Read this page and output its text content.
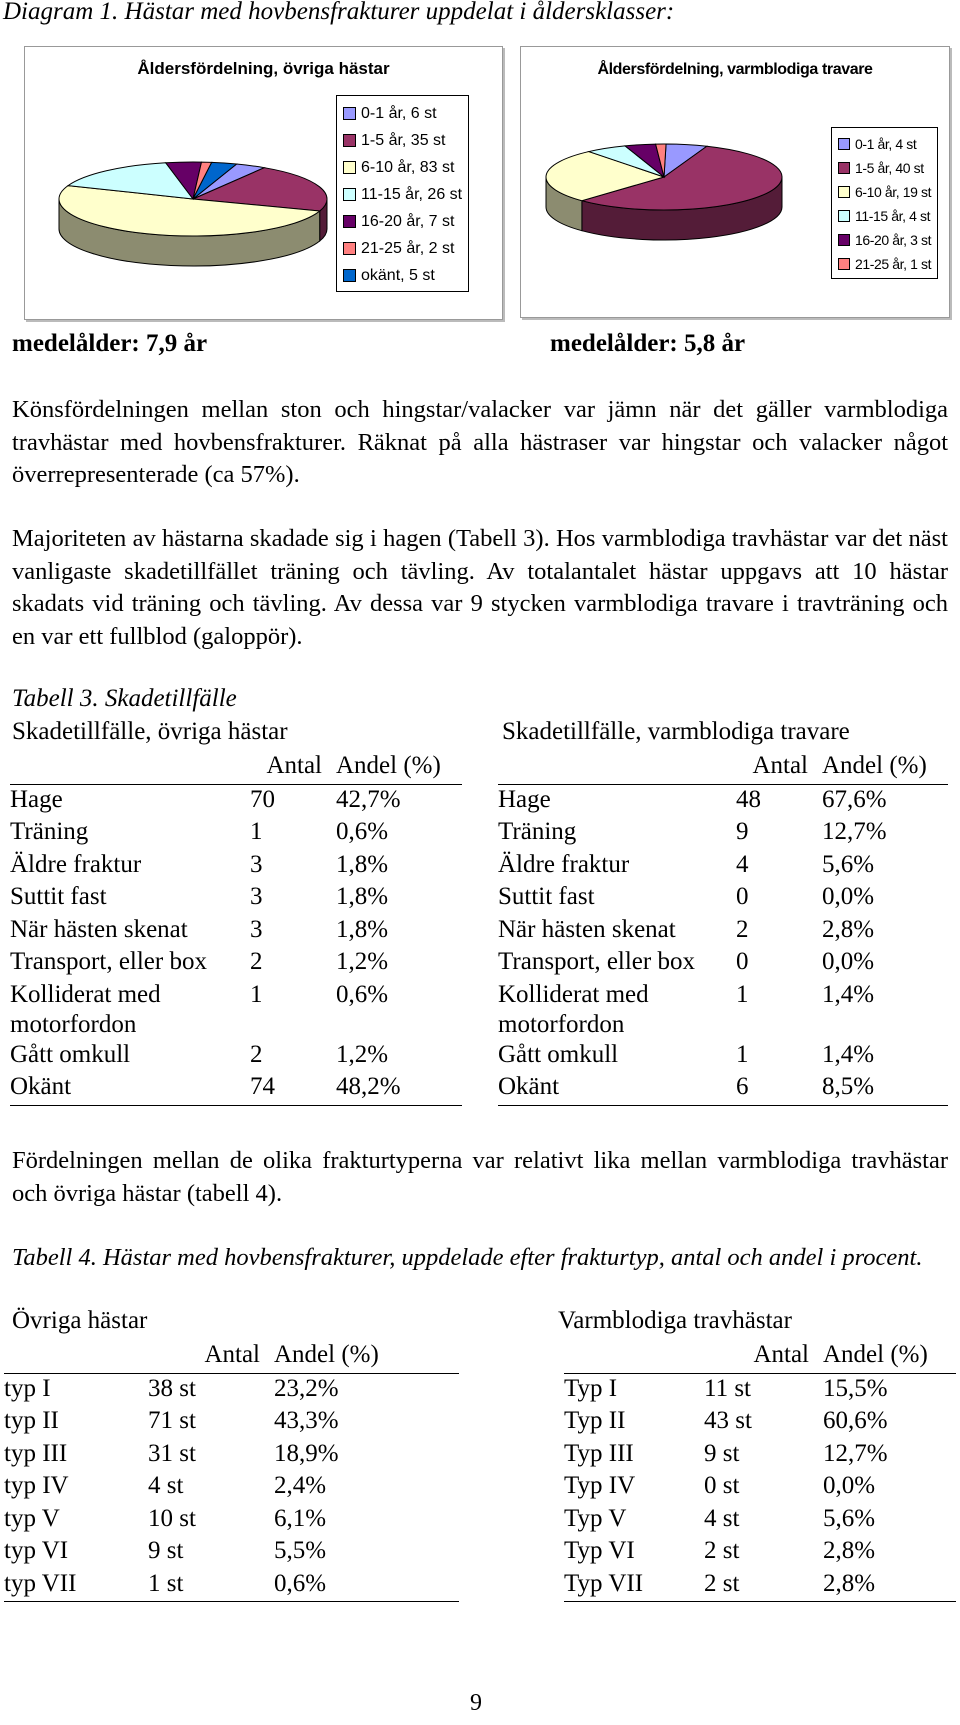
Diagram 1. Hästar med hovbensfrakturer uppdelat i åldersklasser:
Åldersfördelning, övriga hästar
0-1 år, 6 st
1-5 år, 35 st
6-10 år, 83 st
11-15 år, 26 st
16-20 år, 7 st
21-25 år, 2 st
okänt, 5 st
medelålder: 7,9 år
Åldersfördelning, varmblodiga travare
0-1 år, 4 st
1-5 år, 40 st
6-10 år, 19 st
11-15 år, 4 st
16-20 år, 3 st
21-25 år, 1 st
medelålder: 5,8 år
Könsfördelningen mellan ston och hingstar/valacker var jämn när det gäller varmblodiga travhästar med hovbensfrakturer. Räknat på alla hästraser var hingstar och valacker något överrepresenterade (ca 57%).
Majoriteten av hästarna skadade sig i hagen (Tabell 3). Hos varmblodiga travhästar var det näst vanligaste skadetillfället träning och tävling. Av totalantalet hästar uppgavs att 10 hästar skadats vid träning och tävling. Av dessa var 9 stycken varmblodiga travare i travträning och en var ett fullblod (galoppör).
Tabell 3. Skadetillfälle
Skadetillfälle, övriga hästar
	Antal	Andel (%)
Hage	70	42,7%
Träning	1	0,6%
Äldre fraktur	3	1,8%
Suttit fast	3	1,8%
När hästen skenat	3	1,8%
Transport, eller box	2	1,2%
Kolliderat med motorfordon	1	0,6%
Gått omkull	2	1,2%
Okänt	74	48,2%
Skadetillfälle, varmblodiga travare
	Antal	Andel (%)
Hage	48	67,6%
Träning	9	12,7%
Äldre fraktur	4	5,6%
Suttit fast	0	0,0%
När hästen skenat	2	2,8%
Transport, eller box	0	0,0%
Kolliderat med motorfordon	1	1,4%
Gått omkull	1	1,4%
Okänt	6	8,5%
Fördelningen mellan de olika frakturtyperna var relativt lika mellan varmblodiga travhästar och övriga hästar (tabell 4).
Tabell 4. Hästar med hovbensfrakturer, uppdelade efter frakturtyp, antal och andel i procent.
Övriga hästar
	Antal	Andel (%)
typ I	38 st	23,2%
typ II	71 st	43,3%
typ III	31 st	18,9%
typ IV	4 st	2,4%
typ V	10 st	6,1%
typ VI	9 st	5,5%
typ VII	1 st	0,6%
Varmblodiga travhästar
	Antal	Andel (%)
Typ I	11 st	15,5%
Typ II	43 st	60,6%
Typ III	9 st	12,7%
Typ IV	0 st	0,0%
Typ V	4 st	5,6%
Typ VI	2 st	2,8%
Typ VII	2 st	2,8%
9
